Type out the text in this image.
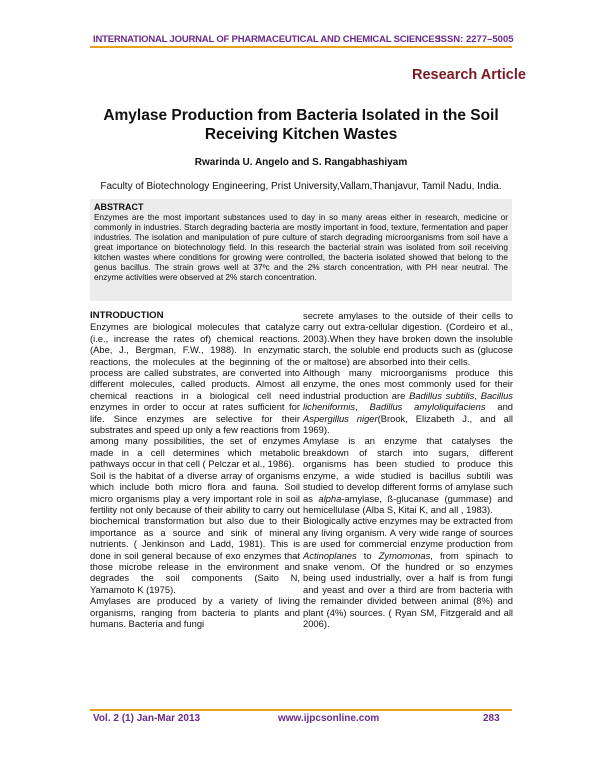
INTERNATIONAL JOURNAL OF PHARMACEUTICAL AND CHEMICAL SCIENCES
ISSN: 2277–5005
Research Article
Amylase Production from Bacteria Isolated in the Soil Receiving Kitchen Wastes
Rwarinda U. Angelo and S. Rangabhashiyam
Faculty of Biotechnology Engineering, Prist University,Vallam,Thanjavur, Tamil Nadu, India.
ABSTRACT
Enzymes are the most important substances used to day in so many areas either in research, medicine or commonly in industries. Starch degrading bacteria are mostly important in food, texture, fermentation and paper industries. The isolation and manipulation of pure culture of starch degrading microorganisms from soil have a great importance on biotechnology field. In this research the bacterial strain was isolated from soil receiving kitchen wastes where conditions for growing were controlled, the bacteria isolated showed that belong to the genus bacillus. The strain grows well at 37ºc and the 2% starch concentration, with PH near neutral. The enzyme activities were observed at 2% starch concentration.

INTRODUCTION

Enzymes are biological molecules that catalyze (i.e., increase the rates of) chemical reactions. (Abe, J., Bergman, F.W., 1988). In enzymatic reactions, the molecules at the beginning of the process are called substrates, are converted into different molecules, called products. Almost all chemical reactions in a biological cell need enzymes in order to occur at rates sufficient for life. Since enzymes are selective for their substrates and speed up only a few reactions from among many possibilities, the set of enzymes made in a cell determines which metabolic pathways occur in that cell ( Pelczar et al., 1986).

Soil is the habitat of a diverse array of organisms which include both micro flora and fauna. Soil micro organisms play a very important role in soil fertility not only because of their ability to carry out biochemical transformation but also due to their importance as a source and sink of mineral nutrients. ( Jenkinson and Ladd, 1981). This is done in soil general because of exo enzymes that those microbe release in the environment and degrades the soil components (Saito N, Yamamoto K (1975).

Amylases are produced by a variety of living organisms, ranging from bacteria to plants and humans. Bacteria and fungi

secrete amylases to the outside of their cells to carry out extra-cellular digestion. (Cordeiro et al., 2003).When they have broken down the insoluble starch, the soluble end products such as (glucose or maltose) are absorbed into their cells.

Although many microorganisms produce this enzyme, the ones most commonly used for their industrial production are Badillus subtilis, Bacillus licheniformis, Badillus amyloliquifaciens and Aspergillus niger(Brook, Elizabeth J., and all 1969).

Amylase is an enzyme that catalyses the breakdown of starch into sugars, different organisms has been studied to produce this enzyme, a wide studied is bacillus subtili was studied to develop different forms of amylase such as alpha-amylase, ß-glucanase (gummase) and hemicellulase (Alba S, Kitai K, and all , 1983).

Biologically active enzymes may be extracted from any living organism. A very wide range of sources are used for commercial enzyme production from Actinoplanes to Zymomonas, from spinach to snake venom. Of the hundred or so enzymes being used industrially, over a half is from fungi and yeast and over a third are from bacteria with the remainder divided between animal (8%) and plant (4%) sources. ( Ryan SM, Fitzgerald and all 2006).

Vol. 2 (1) Jan-Mar 2013	www.ijpcsonline.com	283
